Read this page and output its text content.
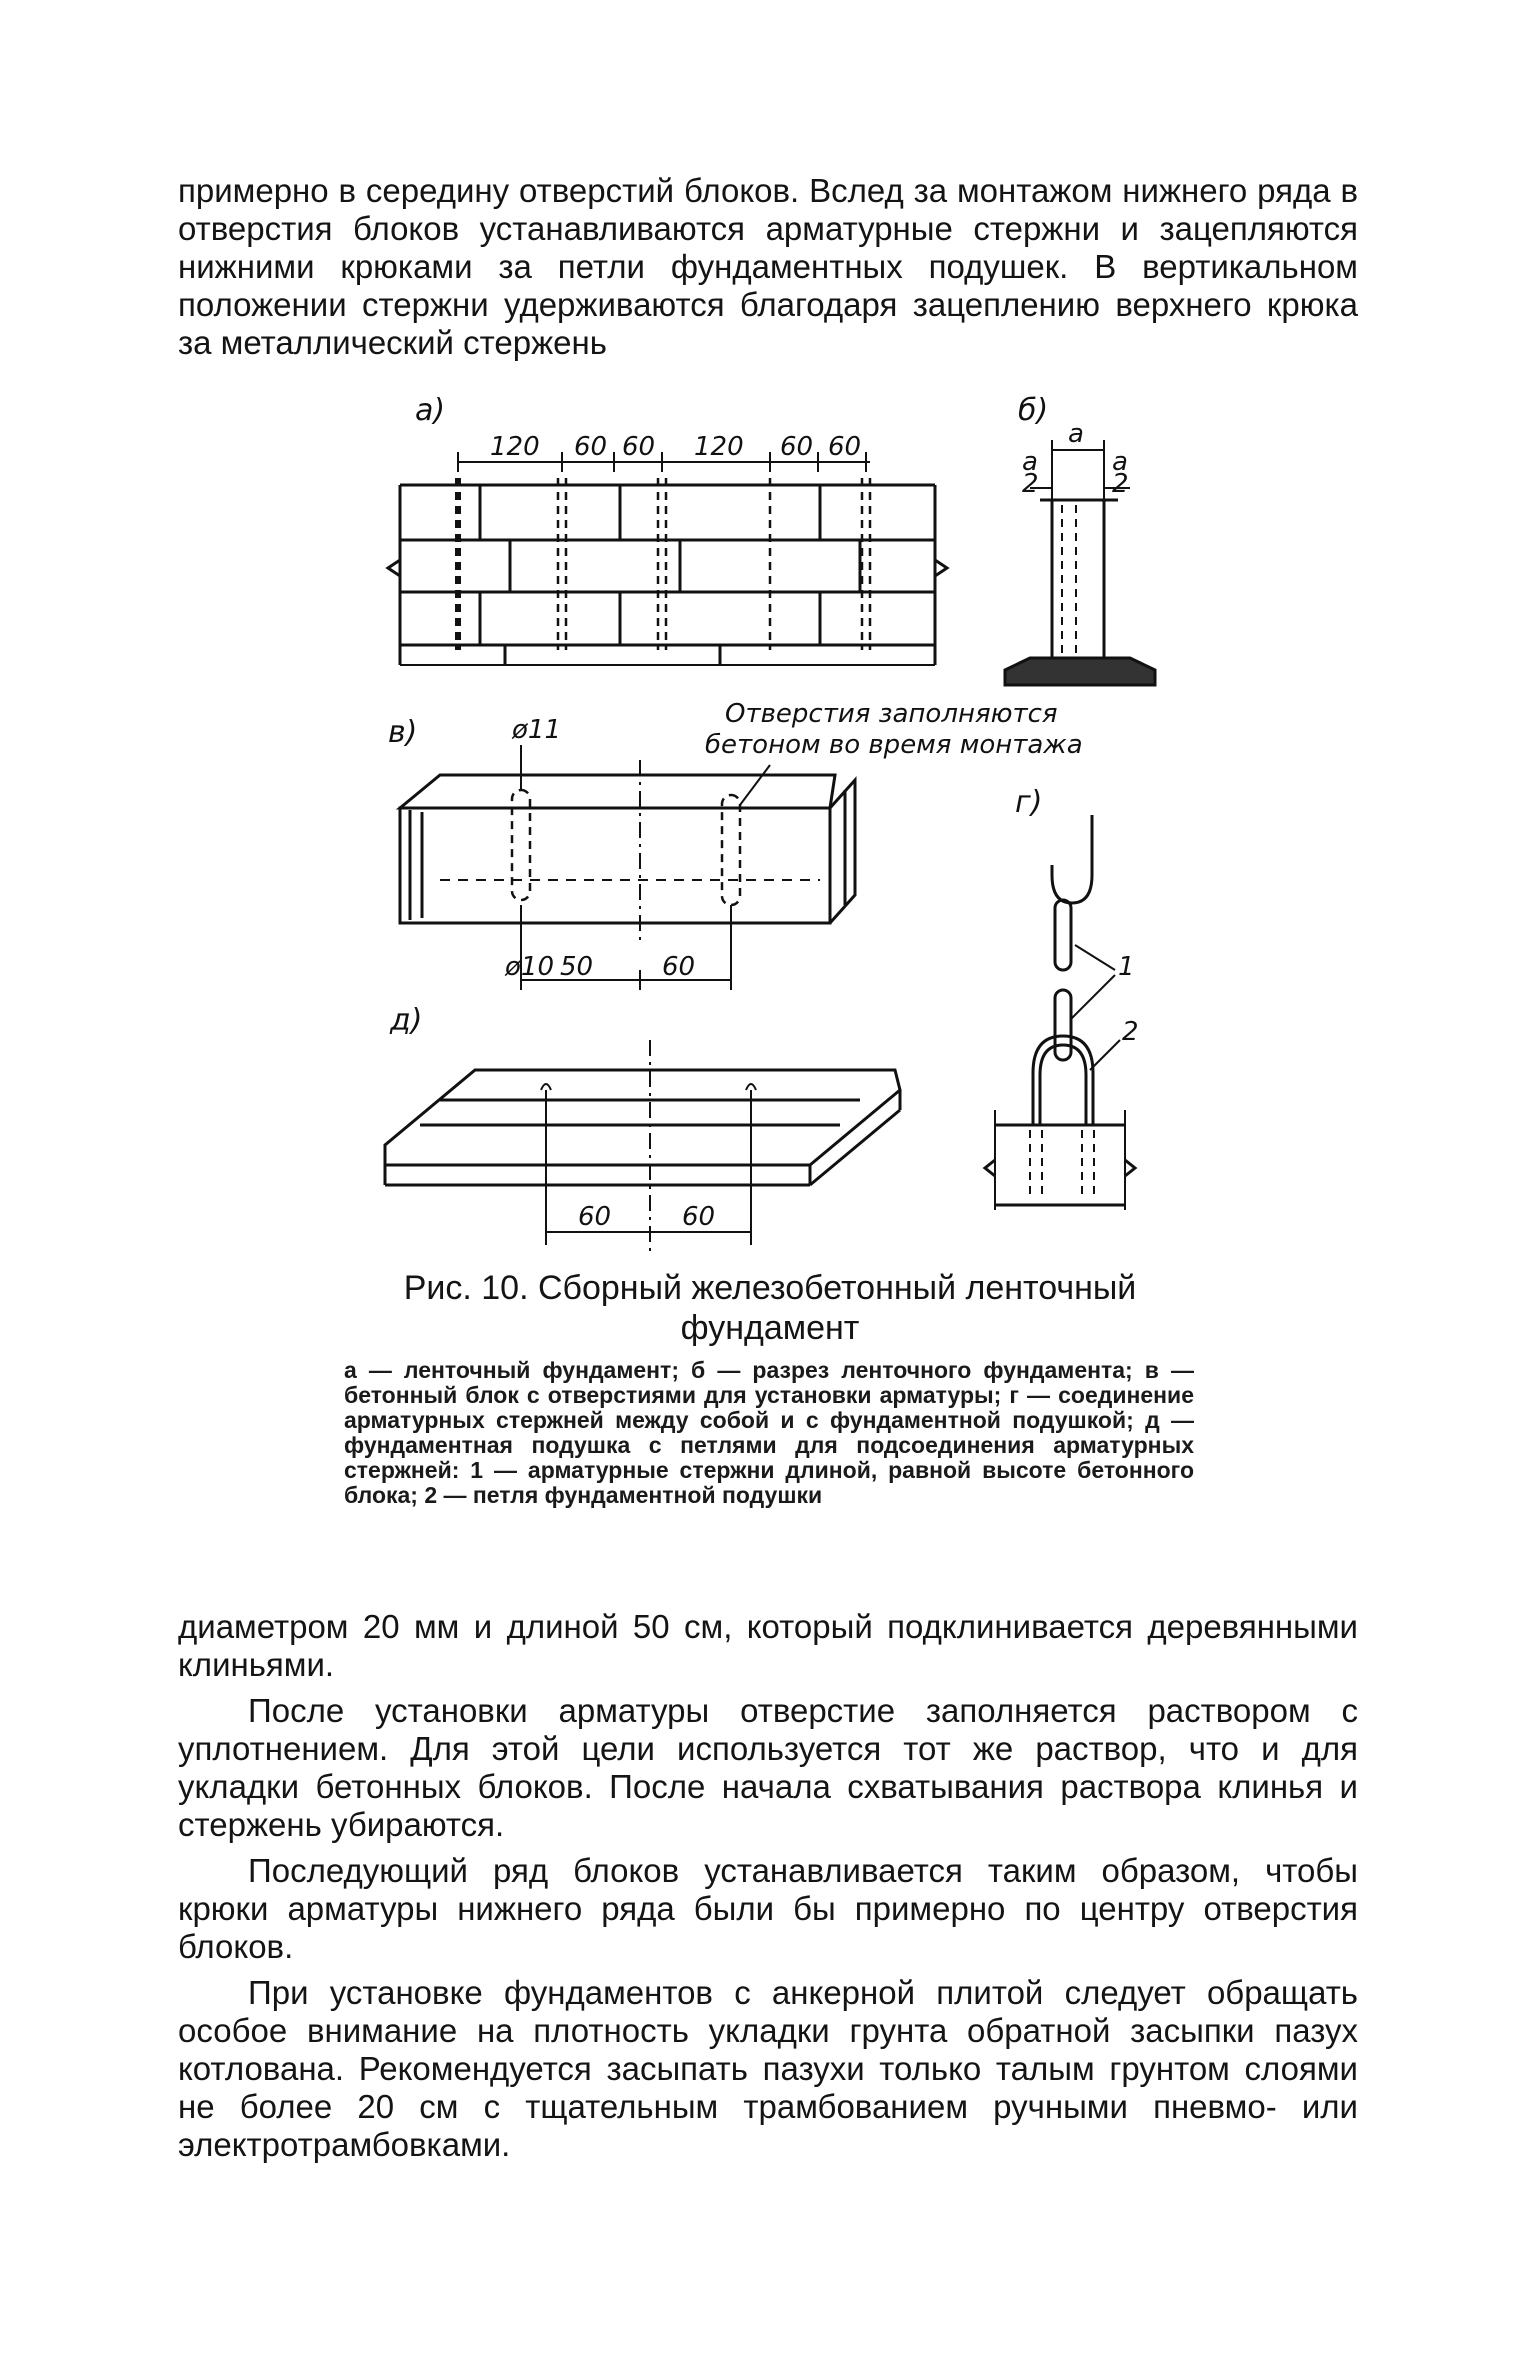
примерно в середину отверстий блоков. Вслед за монтажом нижнего ряда в отверстия блоков устанавливаются арматурные стержни и зацепляются нижними крюками за петли фундаментных подушек. В вертикальном положении стержни удерживаются благодаря зацеплению верхнего крюка за металлический стержень

а)	б)
в)
г)
д)
120 60 60 120 60 60	а
а
2
а
2
ø11
ø10 50	60
60	60
Отверстия заполняются
бетоном во время монтажа
1
2
Рис. 10. Сборный железобетонный ленточный фундамент

а — ленточный фундамент; б — разрез ленточного фундамента; в — бетонный блок с отверстиями для установки арматуры; г — соединение арматурных стержней между собой и с фундаментной подушкой; д — фундаментная подушка с петлями для подсоединения арматурных стержней: 1 — арматурные стержни длиной, равной высоте бетонного блока; 2 — петля фундаментной подушки

диаметром 20 мм и длиной 50 см, который подклинивается деревянными клиньями.

После установки арматуры отверстие заполняется раствором с уплотнением. Для этой цели используется тот же раствор, что и для укладки бетонных блоков. После начала схватывания раствора клинья и стержень убираются.

Последующий ряд блоков устанавливается таким образом, чтобы крюки арматуры нижнего ряда были бы примерно по центру отверстия блоков.

При установке фундаментов с анкерной плитой следует обращать особое внимание на плотность укладки грунта обратной засыпки пазух котлована. Рекомендуется засыпать пазухи только талым грунтом слоями не более 20 см с тщательным трамбованием ручными пневмо- или электротрамбовками.
